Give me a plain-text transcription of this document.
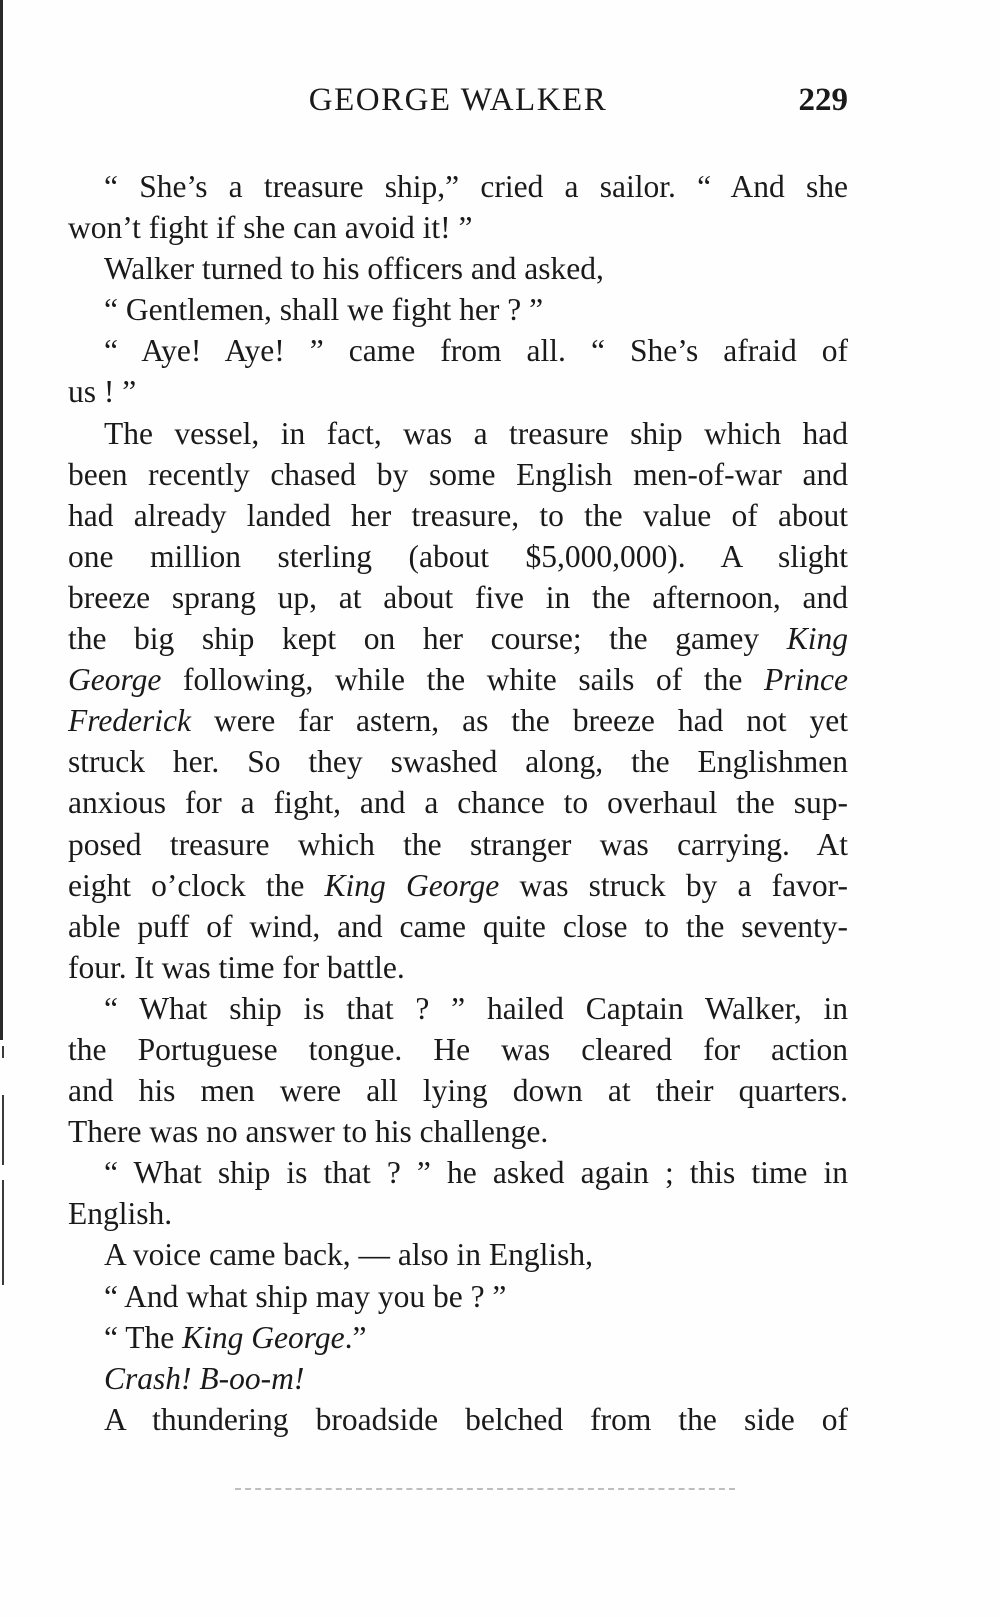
GEORGE WALKER	229
“ She’s a treasure ship,” cried a sailor. “ And she
won’t fight if she can avoid it! ”
Walker turned to his officers and asked,
“ Gentlemen, shall we fight her ? ”
“ Aye! Aye! ” came from all. “ She’s afraid of
us ! ”
The vessel, in fact, was a treasure ship which had
been recently chased by some English men-of-war and
had already landed her treasure, to the value of about
one million sterling (about $5,000,000). A slight
breeze sprang up, at about five in the afternoon, and
the big ship kept on her course; the gamey King
George following, while the white sails of the Prince
Frederick were far astern, as the breeze had not yet
struck her. So they swashed along, the Englishmen
anxious for a fight, and a chance to overhaul the sup-
posed treasure which the stranger was carrying. At
eight o’clock the King George was struck by a favor-
able puff of wind, and came quite close to the seventy-
four. It was time for battle.
“ What ship is that ? ” hailed Captain Walker, in
the Portuguese tongue. He was cleared for action
and his men were all lying down at their quarters.
There was no answer to his challenge.
“ What ship is that ? ” he asked again ; this time in
English.
A voice came back, — also in English,
“ And what ship may you be ? ”
“ The King George.”
Crash! B-oo-m!
A thundering broadside belched from the side of
